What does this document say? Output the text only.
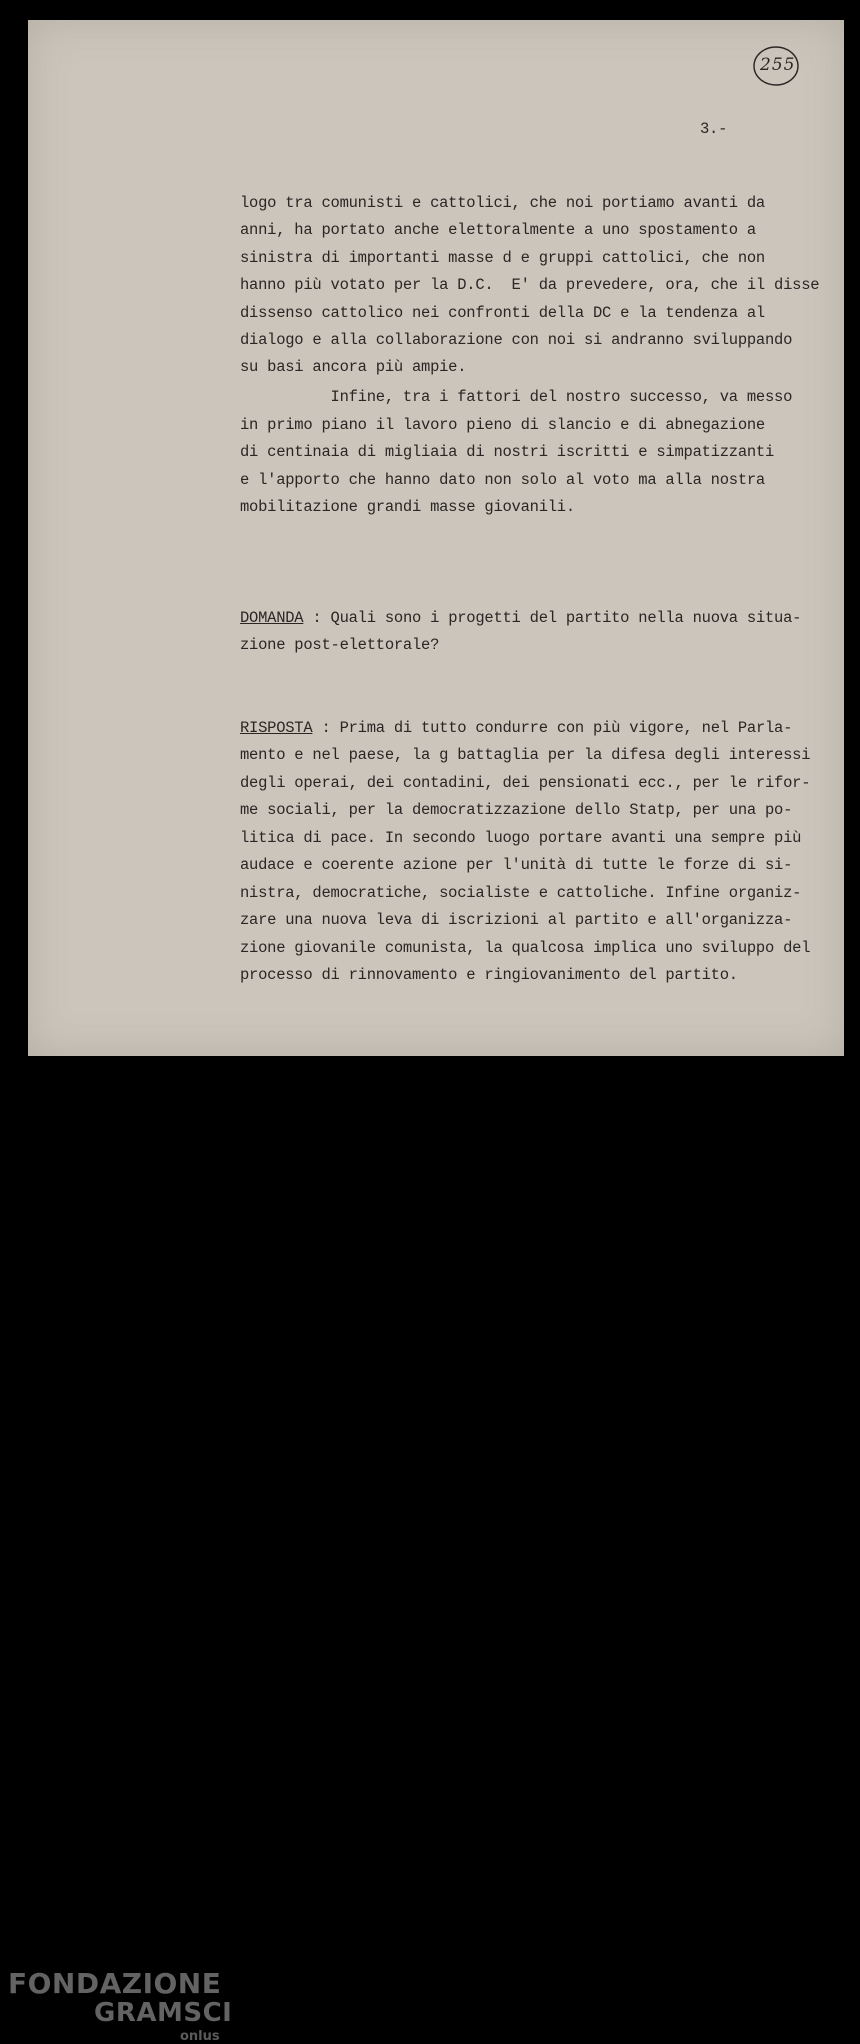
255
3.-
logo tra comunisti e cattolici, che noi portiamo avanti da
anni, ha portato anche elettoralmente a uno spostamento a
sinistra di importanti masse d e gruppi cattolici, che non
hanno più votato per la D.C.  E' da prevedere, ora, che il disse
dissenso cattolico nei confronti della DC e la tendenza al
dialogo e alla collaborazione con noi si andranno sviluppando
su basi ancora più ampie.
Infine, tra i fattori del nostro successo, va messo
in primo piano il lavoro pieno di slancio e di abnegazione
di centinaia di migliaia di nostri iscritti e simpatizzanti
e l'apporto che hanno dato non solo al voto ma alla nostra
mobilitazione grandi masse giovanili.
DOMANDA : Quali sono i progetti del partito nella nuova situa-
zione post-elettorale?
RISPOSTA : Prima di tutto condurre con più vigore, nel Parla-
mento e nel paese, la g battaglia per la difesa degli interessi
degli operai, dei contadini, dei pensionati ecc., per le rifor-
me sociali, per la democratizzazione dello Statp, per una po-
litica di pace. In secondo luogo portare avanti una sempre più
audace e coerente azione per l'unità di tutte le forze di si-
nistra, democratiche, socialiste e cattoliche. Infine organiz-
zare una nuova leva di iscrizioni al partito e all'organizza-
zione giovanile comunista, la qualcosa implica uno sviluppo del
processo di rinnovamento e ringiovanimento del partito.
FONDAZIONE
GRAMSCI
onlus
